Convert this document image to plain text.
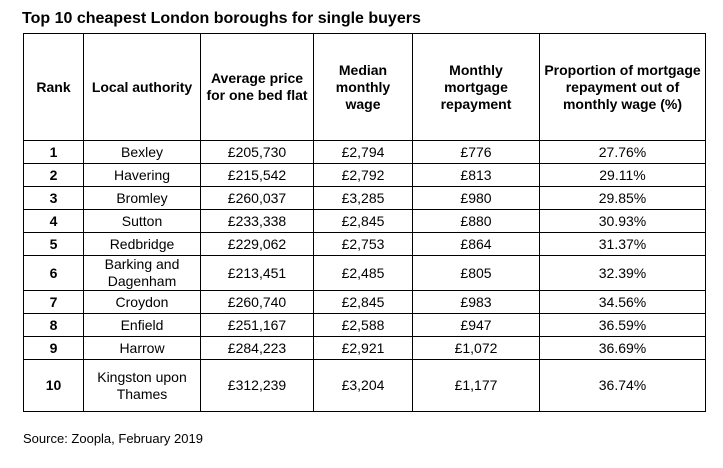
Top 10 cheapest London boroughs for single buyers
Rank	Local authority	Average price for one bed flat	Median monthly wage	Monthly mortgage repayment	Proportion of mortgage repayment out of monthly wage (%)
1	Bexley	£205,730	£2,794	£776	27.76%
2	Havering	£215,542	£2,792	£813	29.11%
3	Bromley	£260,037	£3,285	£980	29.85%
4	Sutton	£233,338	£2,845	£880	30.93%
5	Redbridge	£229,062	£2,753	£864	31.37%
6	Barking and Dagenham	£213,451	£2,485	£805	32.39%
7	Croydon	£260,740	£2,845	£983	34.56%
8	Enfield	£251,167	£2,588	£947	36.59%
9	Harrow	£284,223	£2,921	£1,072	36.69%
10	Kingston upon Thames	£312,239	£3,204	£1,177	36.74%
Source: Zoopla, February 2019
